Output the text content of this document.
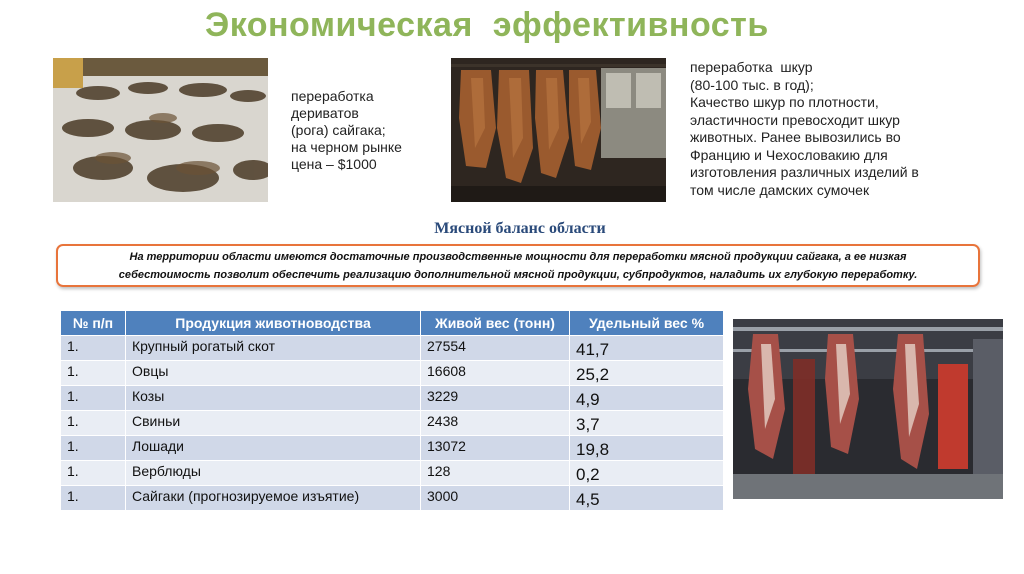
Экономическая  эффективность
переработка
дериватов
(рога) сайгака;
на черном рынке
цена – $1000
переработка  шкур
(80-100 тыс. в год);
Качество шкур по плотности,
эластичности превосходит шкур
животных. Ранее вывозились во
Францию и Чехословакию для
изготовления различных изделий в
том числе дамских сумочек
Мясной баланс области
На территории области имеются достаточные производственные мощности для переработки мясной продукции сайгака, а ее низкая
себестоимость позволит обеспечить реализацию дополнительной мясной продукции, субпродуктов, наладить их глубокую переработку.
№ п/п	Продукция животноводства	Живой вес (тонн)	Удельный вес %

1.	Крупный рогатый скот	27554	41,7

1.	Овцы	16608	25,2

1.	Козы	3229	4,9

1.	Свиньи	2438	3,7

1.	Лошади	13072	19,8

1.	Верблюды	128	0,2

1.	Сайгаки (прогнозируемое изъятие)	3000	4,5
